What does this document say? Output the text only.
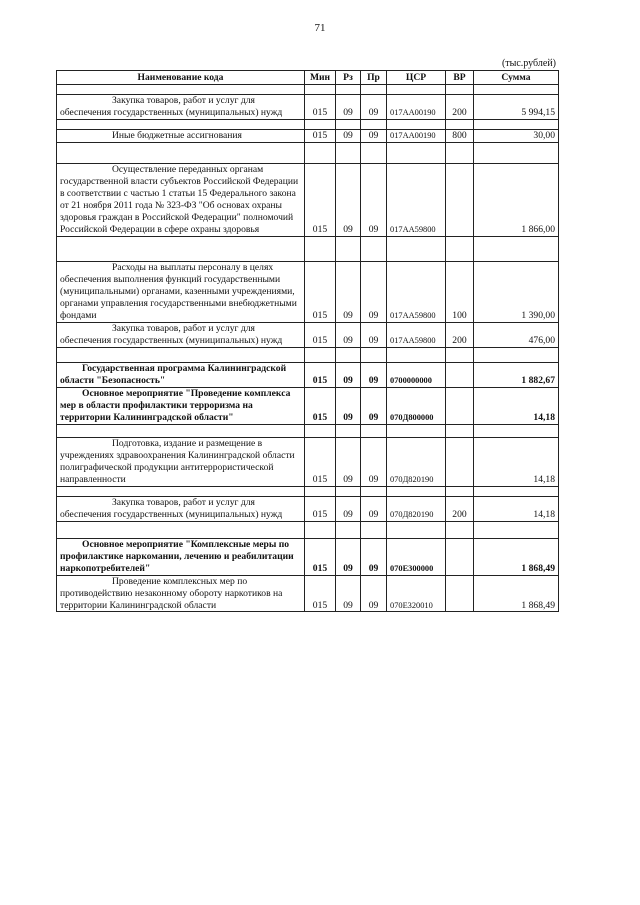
71
(тыс.рублей)
Наименование кода	Мин	Рз	Пр	ЦСР	ВР	Сумма

Закупка товаров, работ и услуг для обеспечения государственных (муниципальных) нужд	015	09	09	017АА00190	200	5 994,15

Иные бюджетные ассигнования	015	09	09	017АА00190	800	30,00

Осуществление переданных органам государственной власти субъектов Российской Федерации в соответствии с частью 1 статьи 15 Федерального закона от 21 ноября 2011 года № 323-ФЗ "Об основах охраны здоровья граждан в Российской Федерации" полномочий Российской Федерации в сфере охраны здоровья	015	09	09	017АА59800		1 866,00

Расходы на выплаты персоналу в целях обеспечения выполнения функций государственными (муниципальными) органами, казенными учреждениями, органами управления государственными внебюджетными фондами	015	09	09	017АА59800	100	1 390,00

Закупка товаров, работ и услуг для обеспечения государственных (муниципальных) нужд	015	09	09	017АА59800	200	476,00

Государственная программа Калининградской области "Безопасность"	015	09	09	0700000000		1 882,67

Основное мероприятие "Проведение комплекса мер в области профилактики терроризма на территории Калининградской области"	015	09	09	070Д800000		14,18

Подготовка, издание и размещение в учреждениях здравоохранения Калининградской области полиграфической продукции антитеррористической направленности	015	09	09	070Д820190		14,18

Закупка товаров, работ и услуг для обеспечения государственных (муниципальных) нужд	015	09	09	070Д820190	200	14,18

Основное мероприятие "Комплексные меры по профилактике наркомании, лечению и реабилитации наркопотребителей"	015	09	09	070Е300000		1 868,49

Проведение комплексных мер по противодействию незаконному обороту наркотиков на территории Калининградской области	015	09	09	070Е320010		1 868,49
